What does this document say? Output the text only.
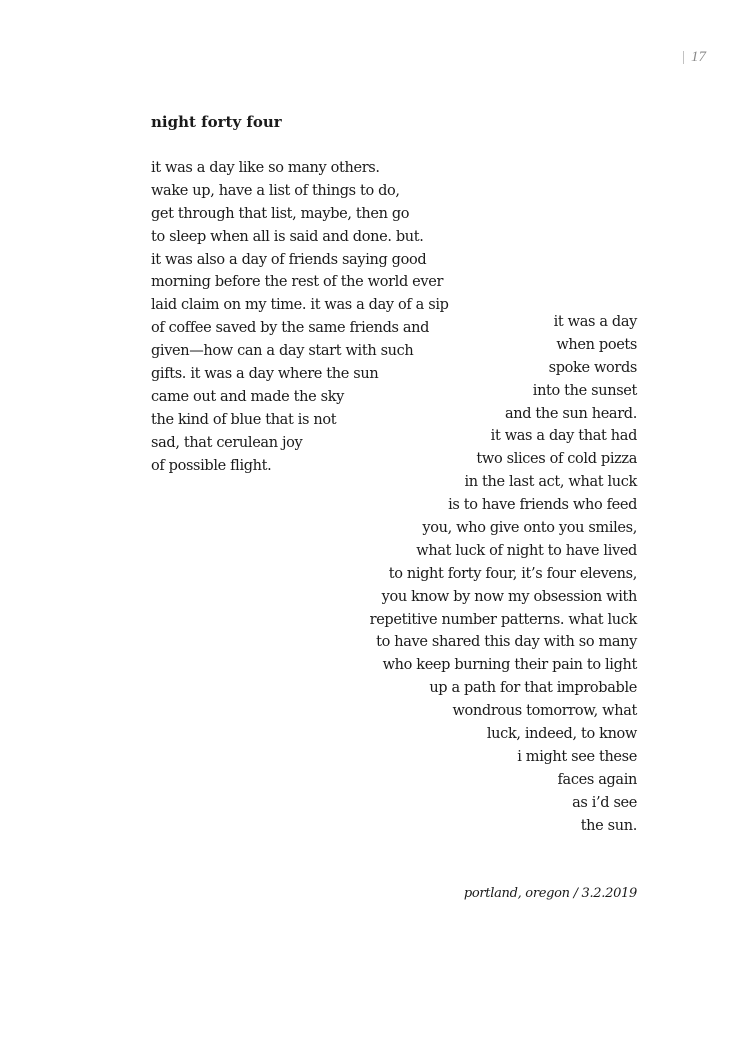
| 17
night forty four
it was a day like so many others.
wake up, have a list of things to do,
get through that list, maybe, then go
to sleep when all is said and done. but.
it was also a day of friends saying good
morning before the rest of the world ever
laid claim on my time. it was a day of a sip
of coffee saved by the same friends and
given—how can a day start with such
gifts. it was a day where the sun
came out and made the sky
the kind of blue that is not
sad, that cerulean joy
of possible flight.
it was a day
when poets
spoke words
into the sunset
and the sun heard.
it was a day that had
two slices of cold pizza
in the last act, what luck
is to have friends who feed
you, who give onto you smiles,
what luck of night to have lived
to night forty four, it’s four elevens,
you know by now my obsession with
repetitive number patterns. what luck
to have shared this day with so many
who keep burning their pain to light
up a path for that improbable
wondrous tomorrow, what
luck, indeed, to know
i might see these
faces again
as i’d see
the sun.
portland, oregon / 3.2.2019
